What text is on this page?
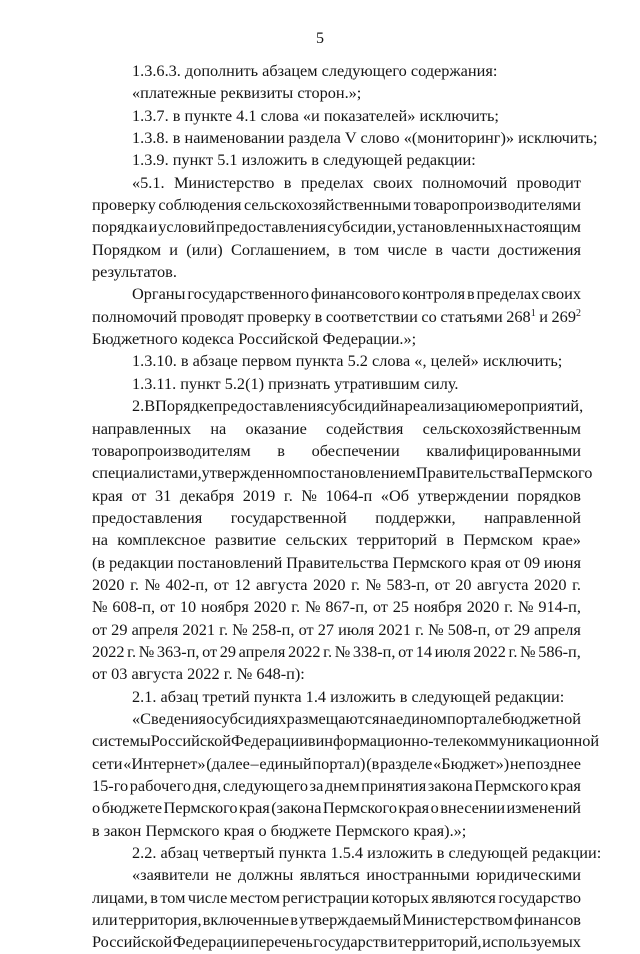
5
1.3.6.3. дополнить абзацем следующего содержания:
«платежные реквизиты сторон.»;
1.3.7. в пункте 4.1 слова «и показателей» исключить;
1.3.8. в наименовании раздела V слово «(мониторинг)» исключить;
1.3.9. пункт 5.1 изложить в следующей редакции:
«5.1. Министерство в пределах своих полномочий проводит
проверку соблюдения сельскохозяйственными товаропроизводителями
порядка и условий предоставления субсидии, установленных настоящим
Порядком и (или) Соглашением, в том числе в части достижения
результатов.
Органы государственного финансового контроля в пределах своих
полномочий проводят проверку в соответствии со статьями $268^1$ и $269^2$
Бюджетного кодекса Российской Федерации.»;
1.3.10. в абзаце первом пункта 5.2 слова «, целей» исключить;
1.3.11. пункт 5.2(1) признать утратившим силу.
2. В Порядке предоставления субсидий на реализацию мероприятий,
направленных на оказание содействия сельскохозяйственным
товаропроизводителям в обеспечении квалифицированными
специалистами, утвержденном постановлением Правительства Пермского
края от 31 декабря 2019 г. № 1064-п «Об утверждении порядков
предоставления государственной поддержки, направленной
на комплексное развитие сельских территорий в Пермском крае»
(в редакции постановлений Правительства Пермского края от 09 июня
2020 г. № 402-п, от 12 августа 2020 г. № 583-п, от 20 августа 2020 г.
№ 608-п, от 10 ноября 2020 г. № 867-п, от 25 ноября 2020 г. № 914-п,
от 29 апреля 2021 г. № 258-п, от 27 июля 2021 г. № 508-п, от 29 апреля
2022 г. № 363-п, от 29 апреля 2022 г. № 338-п, от 14 июля 2022 г. № 586-п,
от 03 августа 2022 г. № 648-п):
2.1. абзац третий пункта 1.4 изложить в следующей редакции:
«Сведения о субсидиях размещаются на едином портале бюджетной
системы Российской Федерации в информационно-телекоммуникационной
сети «Интернет» (далее – единый портал) (в разделе «Бюджет») не позднее
15-го рабочего дня, следующего за днем принятия закона Пермского края
о бюджете Пермского края (закона Пермского края о внесении изменений
в закон Пермского края о бюджете Пермского края).»;
2.2. абзац четвертый пункта 1.5.4 изложить в следующей редакции:
«заявители не должны являться иностранными юридическими
лицами, в том числе местом регистрации которых являются государство
или территория, включенные в утверждаемый Министерством финансов
Российской Федерации перечень государств и территорий, используемых
